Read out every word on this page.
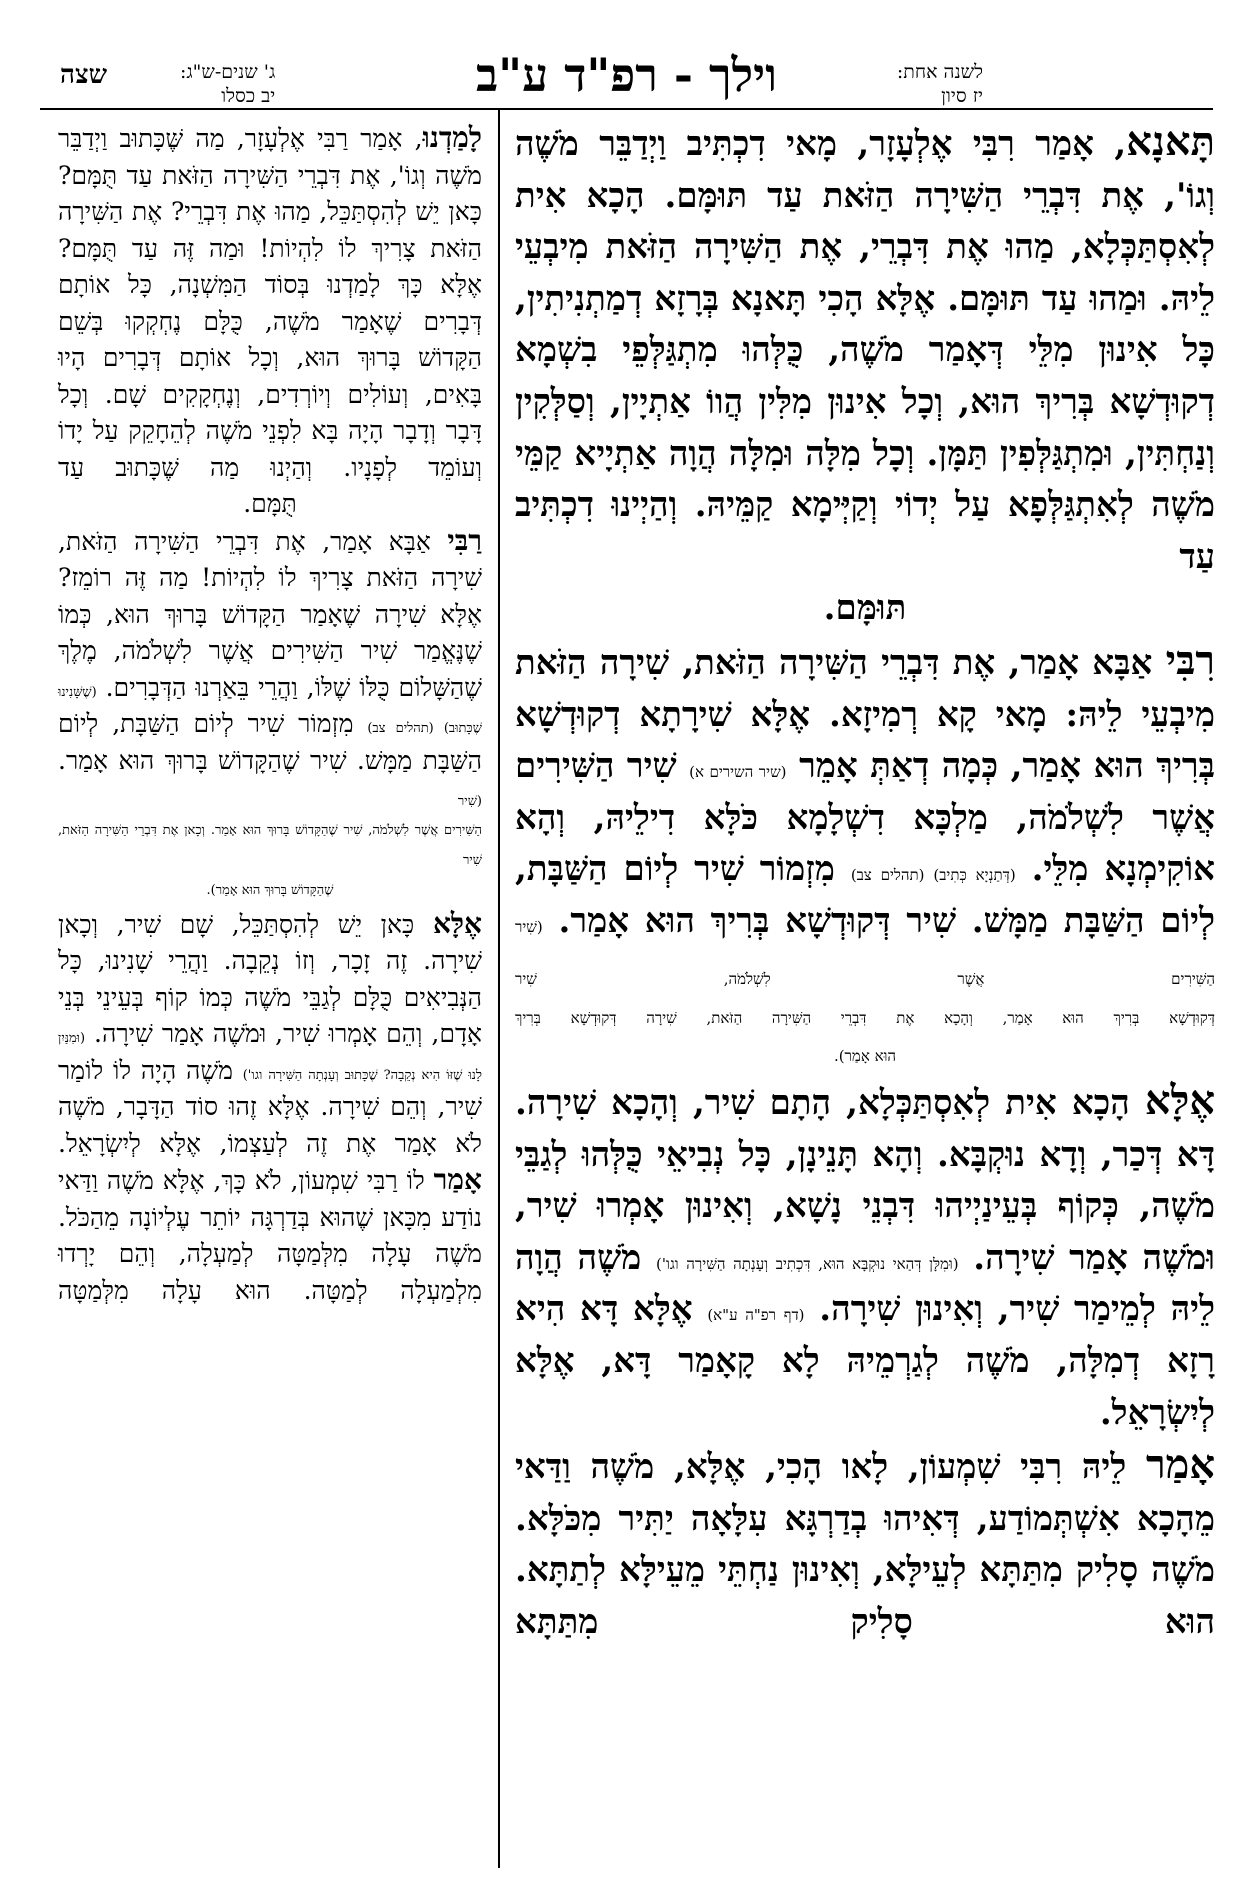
לשנה אחת:
יז סיון
וילך - רפ"ד ע"ב
ג' שנים-ש"ג:
יב כסלו
שצה

תָּאנָא, אָמַר רִבִּי אֶלְעָזָר, מָאי דִכְתִּיב וַיְדַבֵּר מֹשֶׁה וְגוֹ', אֶת דִּבְרֵי הַשִּׁירָה הַזֹּאת עַד תּוּמָּם. הָכָא אִית לְאִסְתַּכְּלָא, מַהוּ אֶת דִּבְרֵי, אֶת הַשִּׁירָה הַזֹּאת מִיבְעֵי לֵיהּ. וּמַהוּ עַד תּוּמָּם. אֶלָּא הָכִי תָּאנָא בְּרָזָא דְמַתְנִיתִין, כָּל אִינוּן מִלֵּי דְּאָמַר מֹשֶׁה, כֻּלְּהוּ מִתְגַּלְּפֵי בִשְׁמָא דְקוּדְשָׁא בְּרִיךְ הוּא, וְכָל אִינוּן מִלִּין הֲווֹ אַתְיָין, וְסַלְּקִין וְנַחְתִּין, וּמִתְגַּלְּפִין תַּמָּן. וְכָל מִלָּה וּמִלָּה הֲוָה אַתְיָיא קַמֵּי מֹשֶׁה לְאִתְגַּלְּפָא עַל יְדוֹי וְקַיְּימָא קַמֵּיהּ. וְהַיְינוּ דִכְתִּיב עַד

תּוּמָּם.

רִבִּי אַבָּא אָמַר, אֶת דִּבְרֵי הַשִּׁירָה הַזֹּאת, שִׁירָה הַזֹּאת מִיבְעֵי לֵיהּ: מָאי קָא רְמִיזָא. אֶלָּא שִׁירָתָא דְקוּדְשָׁא בְּרִיךְ הוּא אָמַר, כְּמָה דְאַתְּ אָמֵר (שיר השירים א) שִׁיר הַשִּׁירִים אֲשֶׁר לִשְׁלֹמֹה, מַלְכָּא דִשְׁלָמָא כֹּלָּא דִילֵיהּ, וְהָא אוֹקִימְנָא מִלֵּי. (דְּתַנְיָא כְּתִיב) (תהלים צב) מִזְמוֹר שִׁיר לְיוֹם הַשַּׁבָּת, לְיוֹם הַשַּׁבָּת מַמָּשׁ. שִׁיר דְּקוּדְשָׁא בְּרִיךְ הוּא אָמַר. (שִׁיר הַשִּׁירִים אֲשֶׁר לִשְׁלֹמֹה, שִׁיר

דְּקוּדְשָׁא בְּרִיךְ הוּא אָמַר, וְהָכָא אֶת דִּבְרֵי הַשִּׁירָה הַזֹּאת, שִׁירָה דְּקוּדְשָׁא בְּרִיךְ

הוּא אָמַר).

אֶלָּא הָכָא אִית לְאִסְתַּכְּלָא, הָתָם שִׁיר, וְהָכָא שִׁירָה. דָּא דְּכַר, וְדָא נוּקְבָּא. וְהָא תָּנֵינָן, כָּל נְבִיאֵי כֻּלְּהוּ לְגַבֵּי מֹשֶׁה, כְּקוֹף בְּעֵינַיְיהוּ דִּבְנֵי נָשָׁא, וְאִינוּן אָמְרוּ שִׁיר, וּמֹשֶׁה אָמַר שִׁירָה. (וּמִלָּן דְּהַאי נוּקְבָּא הוּא, דִּכְתִיב וְעָנְתָה הַשִּׁירָה וגו') מֹשֶׁה הֲוָה לֵיהּ לְמֵימַר שִׁיר, וְאִינוּן שִׁירָה. (דף רפ"ה ע"א) אֶלָּא דָּא הִיא רָזָא דְמִלָּה, מֹשֶׁה לְגַרְמֵיהּ לָא קָאָמַר דָּא, אֶלָּא לְיִשְׂרָאֵל.

אָמַר לֵיהּ רִבִּי שִׁמְעוֹן, לָאו הָכִי, אֶלָּא, מֹשֶׁה וַדַּאי מֵהָכָא אִשְׁתְּמוֹדַע, דְּאִיהוּ בְדַרְגָּא עִלָּאָה יַתִּיר מִכֹּלָּא. מֹשֶׁה סָלִיק מִתַּתָּא לְעֵילָּא, וְאִינוּן נַחְתֵּי מֵעֵילָּא לְתַתָּא. הוּא סָלִיק מִתַּתָּא

לָמַדְנוּ, אָמַר רַבִּי אֶלְעָזָר, מַה שֶּׁכָּתוּב וַיְדַבֵּר מֹשֶׁה וְגוֹ', אֶת דִּבְרֵי הַשִּׁירָה הַזֹּאת עַד תֻּמָּם? כָּאן יֵשׁ לְהִסְתַּכֵּל, מַהוּ אֶת דִּבְרֵי? אֶת הַשִּׁירָה הַזֹּאת צָרִיךְ לוֹ לִהְיוֹת! וּמַה זֶּה עַד תֻּמָּם? אֶלָּא כָּךְ לָמַדְנוּ בְּסוֹד הַמִּשְׁנָה, כָּל אוֹתָם דְּבָרִים שֶׁאָמַר מֹשֶׁה, כֻּלָּם נֶחְקְקוּ בְּשֵׁם הַקָּדוֹשׁ בָּרוּךְ הוּא, וְכָל אוֹתָם דְּבָרִים הָיוּ בָּאִים, וְעוֹלִים וְיוֹרְדִים, וְנֶחְקָקִים שָׁם. וְכָל דָּבָר וְדָבָר הָיָה בָּא לִפְנֵי מֹשֶׁה לְהֵחָקֵק עַל יָדוֹ וְעוֹמֵד לְפָנָיו. וְהַיְנוּ מַה שֶּׁכָּתוּב עַד

תֻּמָּם.

רַבִּי אַבָּא אָמַר, אֶת דִּבְרֵי הַשִּׁירָה הַזֹּאת, שִׁירָה הַזֹּאת צָרִיךְ לוֹ לִהְיוֹת! מַה זֶּה רוֹמֵז? אֶלָּא שִׁירָה שֶׁאָמַר הַקָּדוֹשׁ בָּרוּךְ הוּא, כְּמוֹ שֶׁנֶּאֱמַר שִׁיר הַשִּׁירִים אֲשֶׁר לִשְׁלֹמֹה, מֶלֶךְ שֶׁהַשָּׁלוֹם כֻּלּוֹ שֶׁלּוֹ, וַהֲרֵי בֵּאַרְנוּ הַדְּבָרִים. (שֶׁשָּׁנִינוּ שֶׁכָּתוּב) (תהלים צב) מִזְמוֹר שִׁיר לְיוֹם הַשַּׁבָּת, לְיוֹם הַשַּׁבָּת מַמָּשׁ. שִׁיר שֶׁהַקָּדוֹשׁ בָּרוּךְ הוּא אָמַר. (שִׁיר

הַשִּׁירִים אֲשֶׁר לִשְׁלֹמֹה, שִׁיר שֶׁהַקָּדוֹשׁ בָּרוּךְ הוּא אָמַר. וְכָאן אֶת דִּבְרֵי הַשִּׁירָה הַזֹּאת, שִׁיר

שֶׁהַקָּדוֹשׁ בָּרוּךְ הוּא אָמַר).

אֶלָּא כָּאן יֵשׁ לְהִסְתַּכֵּל, שָׁם שִׁיר, וְכָאן שִׁירָה. זֶה זָכָר, וְזוֹ נְקֵבָה. וַהֲרֵי שָׁנִינוּ, כָּל הַנְּבִיאִים כֻּלָּם לְגַבֵּי מֹשֶׁה כְּמוֹ קוֹף בְּעֵינֵי בְּנֵי אָדָם, וְהֵם אָמְרוּ שִׁיר, וּמֹשֶׁה אָמַר שִׁירָה. (וּמִנַּיִן לָנוּ שֶׁזּוֹ הִיא נְקֵבָה? שֶׁכָּתוּב וְעָנְתָה הַשִּׁירָה וגו') מֹשֶׁה הָיָה לוֹ לוֹמַר שִׁיר, וְהֵם שִׁירָה. אֶלָּא זֶהוּ סוֹד הַדָּבָר, מֹשֶׁה לֹא אָמַר אֶת זֶה לְעַצְמוֹ, אֶלָּא לְיִשְׂרָאֵל.

אָמַר לוֹ רַבִּי שִׁמְעוֹן, לֹא כָּךְ, אֶלָּא מֹשֶׁה וַדַּאי נוֹדַע מִכָּאן שֶׁהוּא בְּדַרְגָּה יוֹתֵר עֶלְיוֹנָה מֵהַכֹּל. מֹשֶׁה עָלָה מִלְּמַטָּה לְמַעְלָה, וְהֵם יָרְדוּ מִלְמַעְלָה לְמַטָּה. הוּא עָלָה מִלְּמַטָּה
